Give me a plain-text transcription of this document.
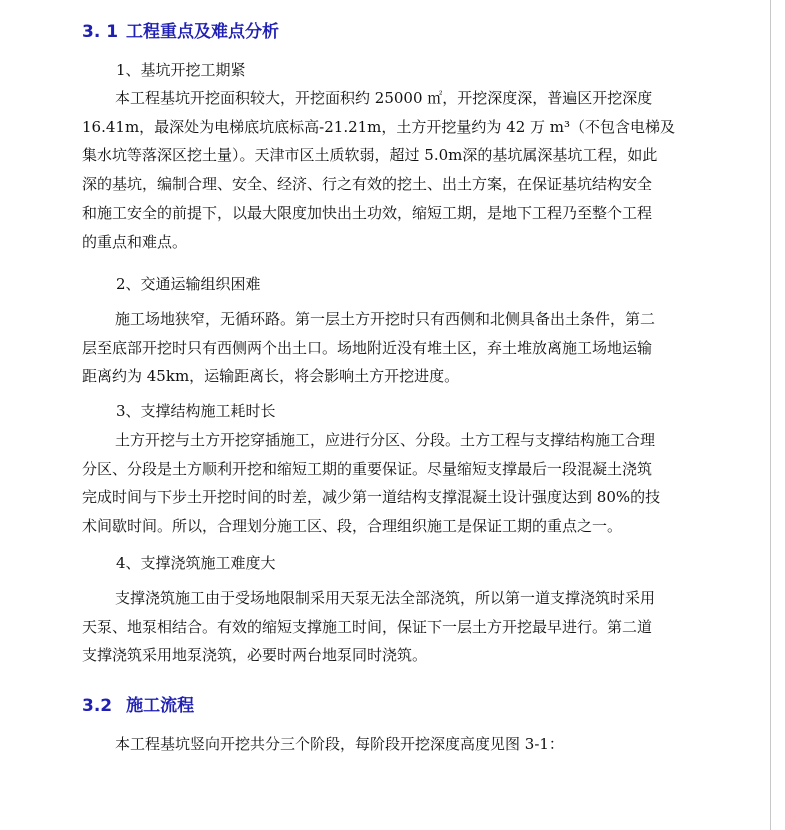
3. 1 工程重点及难点分析
1、基坑开挖工期紧
本工程基坑开挖面积较大，开挖面积约 25000 ㎡，开挖深度深，普遍区开挖深度
16.41m，最深处为电梯底坑底标高-21.21m，土方开挖量约为 42 万 m³（不包含电梯及
集水坑等落深区挖土量）。天津市区土质软弱，超过 5.0m深的基坑属深基坑工程，如此
深的基坑，编制合理、安全、经济、行之有效的挖土、出土方案，在保证基坑结构安全
和施工安全的前提下，以最大限度加快出土功效，缩短工期，是地下工程乃至整个工程
的重点和难点。
2、交通运输组织困难
施工场地狭窄，无循环路。第一层土方开挖时只有西侧和北侧具备出土条件，第二
层至底部开挖时只有西侧两个出土口。场地附近没有堆土区，弃土堆放离施工场地运输
距离约为 45km，运输距离长，将会影响土方开挖进度。
3、支撑结构施工耗时长
土方开挖与土方开挖穿插施工，应进行分区、分段。土方工程与支撑结构施工合理
分区、分段是土方顺利开挖和缩短工期的重要保证。尽量缩短支撑最后一段混凝土浇筑
完成时间与下步土开挖时间的时差，减少第一道结构支撑混凝土设计强度达到 80%的技
术间歇时间。所以，合理划分施工区、段，合理组织施工是保证工期的重点之一。
4、支撑浇筑施工难度大
支撑浇筑施工由于受场地限制采用天泵无法全部浇筑，所以第一道支撑浇筑时采用
天泵、地泵相结合。有效的缩短支撑施工时间，保证下一层土方开挖最早进行。第二道
支撑浇筑采用地泵浇筑，必要时两台地泵同时浇筑。
3.2 施工流程
本工程基坑竖向开挖共分三个阶段，每阶段开挖深度高度见图 3-1：
